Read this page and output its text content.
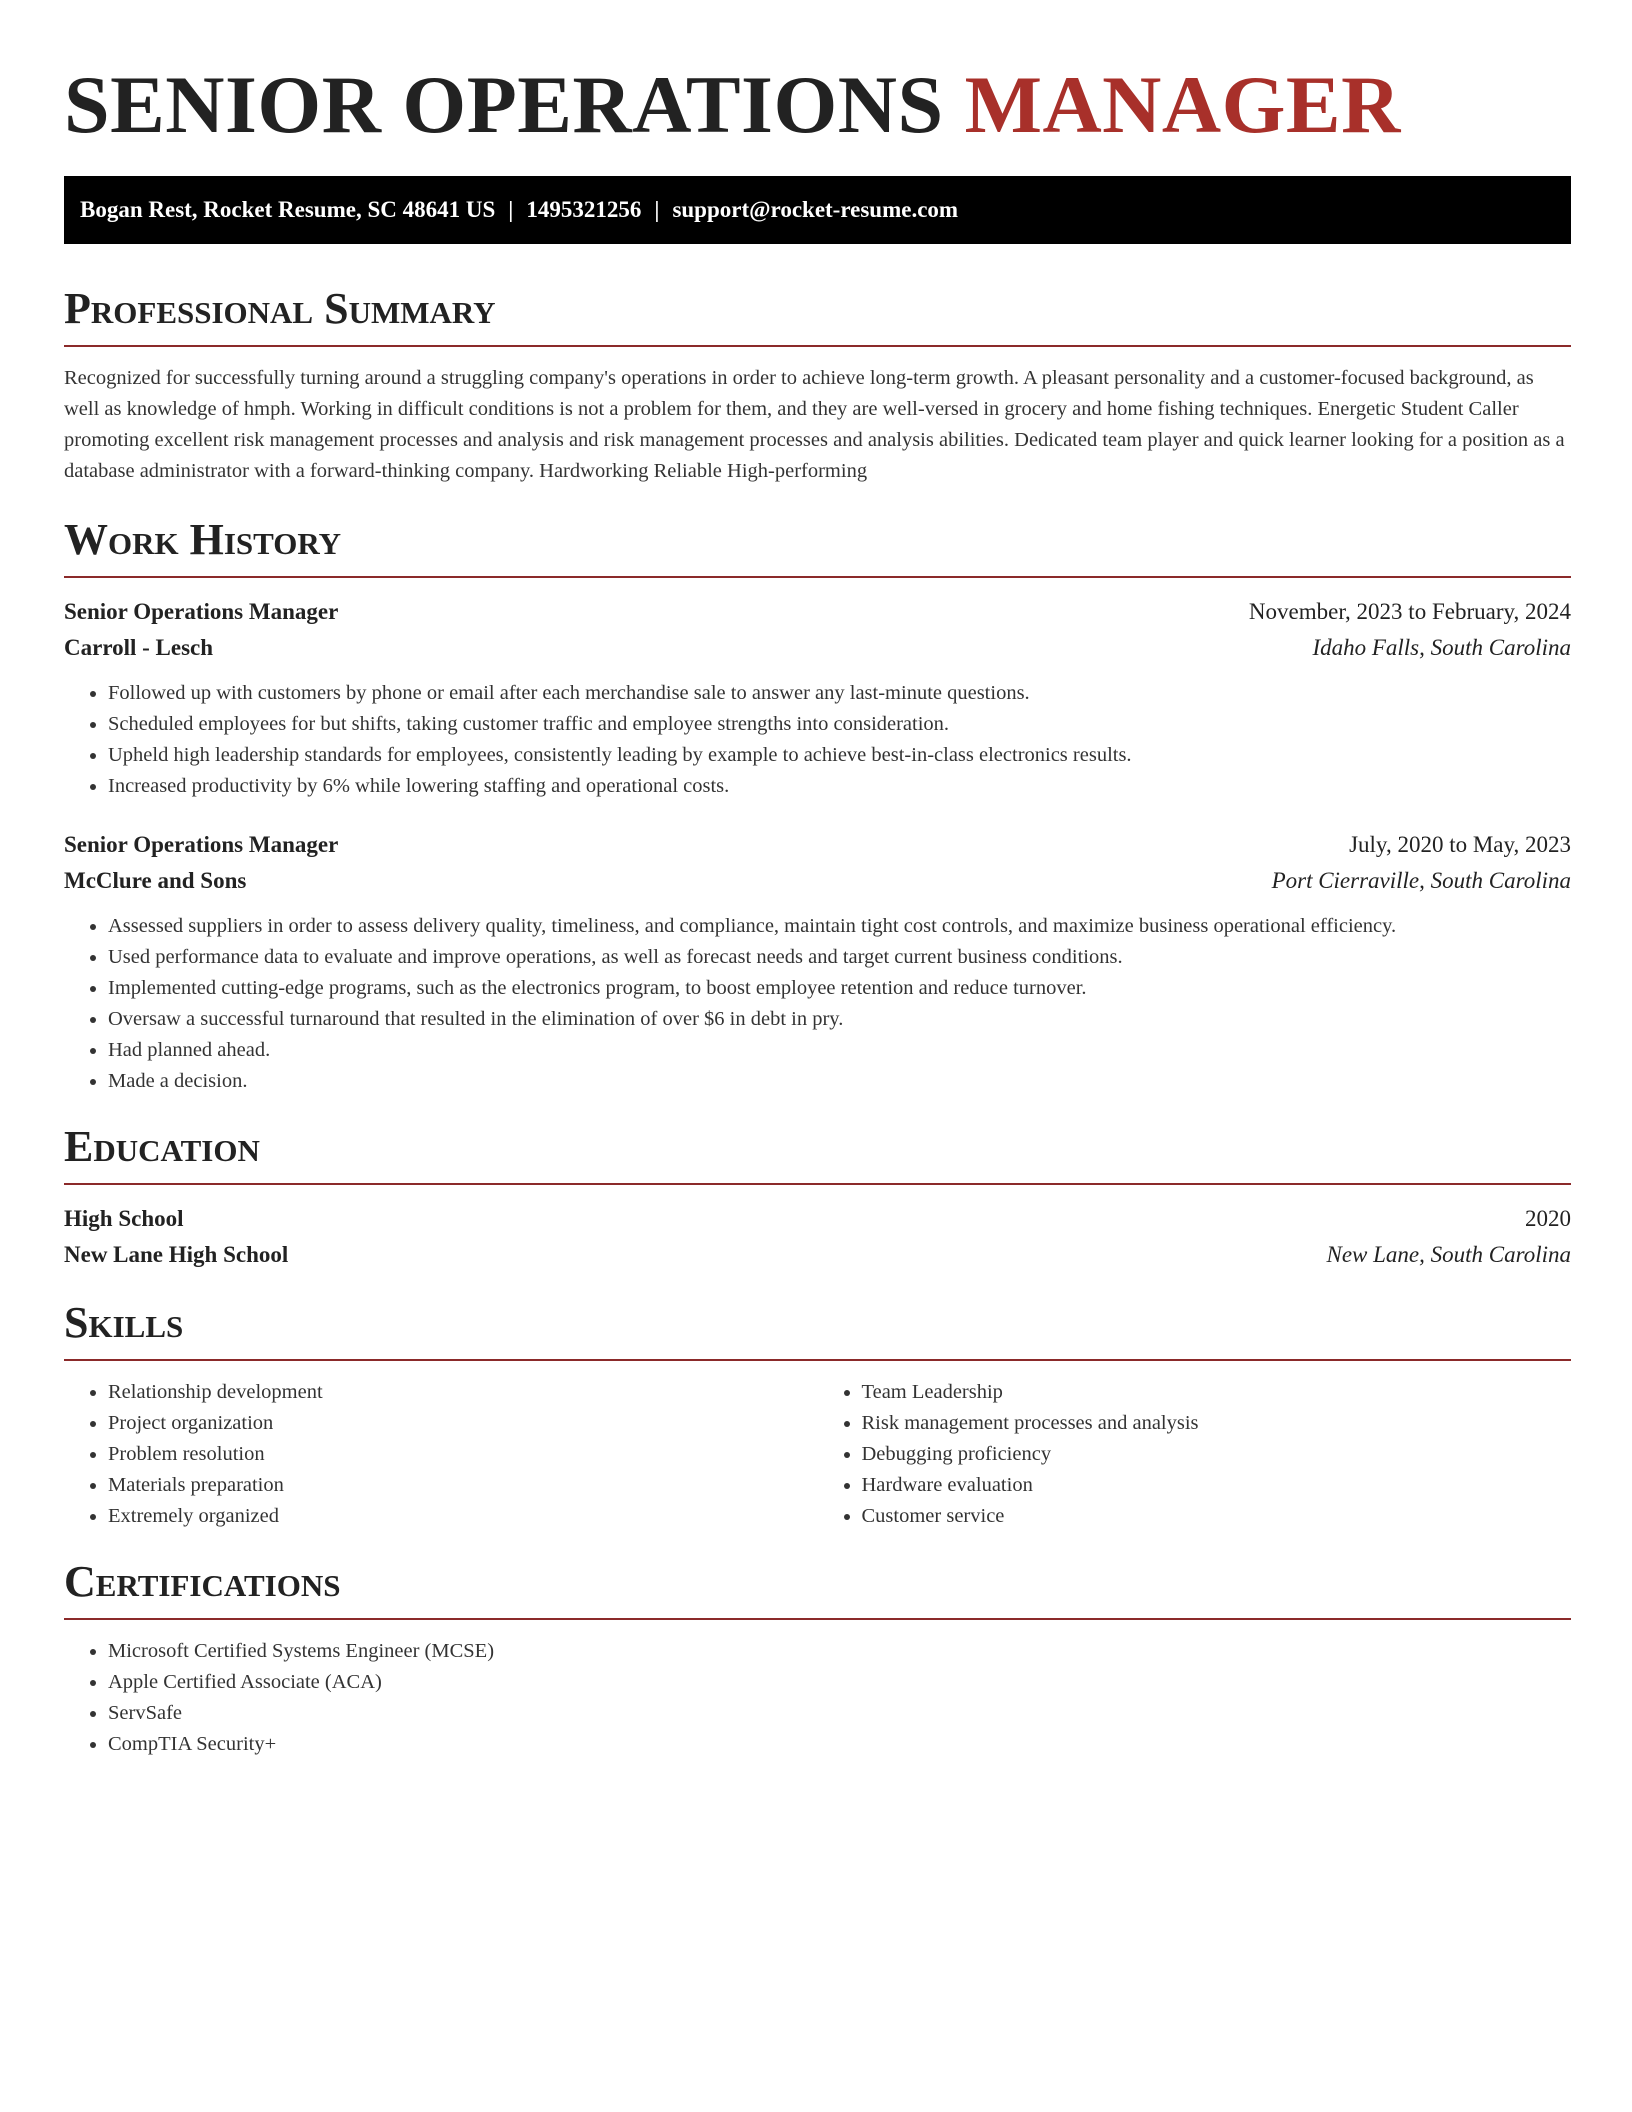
SENIOR OPERATIONS MANAGER
Bogan Rest, Rocket Resume, SC 48641 US | 1495321256 | support@rocket-resume.com
Professional Summary

Recognized for successfully turning around a struggling company's operations in order to achieve long-term growth. A pleasant personality and a customer-focused background, as well as knowledge of hmph. Working in difficult conditions is not a problem for them, and they are well-versed in grocery and home fishing techniques. Energetic Student Caller promoting excellent risk management processes and analysis and risk management processes and analysis abilities. Dedicated team player and quick learner looking for a position as a database administrator with a forward-thinking company. Hardworking Reliable High-performing

Work History
Senior Operations Manager	November, 2023 to February, 2024
Carroll - Lesch	Idaho Falls, South Carolina
• Followed up with customers by phone or email after each merchandise sale to answer any last-minute questions.
• Scheduled employees for but shifts, taking customer traffic and employee strengths into consideration.
• Upheld high leadership standards for employees, consistently leading by example to achieve best-in-class electronics results.
• Increased productivity by 6% while lowering staffing and operational costs.
Senior Operations Manager	July, 2020 to May, 2023
McClure and Sons	Port Cierraville, South Carolina
• Assessed suppliers in order to assess delivery quality, timeliness, and compliance, maintain tight cost controls, and maximize business operational efficiency.
• Used performance data to evaluate and improve operations, as well as forecast needs and target current business conditions.
• Implemented cutting-edge programs, such as the electronics program, to boost employee retention and reduce turnover.
• Oversaw a successful turnaround that resulted in the elimination of over $6 in debt in pry.
• Had planned ahead.
• Made a decision.
Education
High School	2020
New Lane High School	New Lane, South Carolina
Skills
• Relationship development
• Project organization
• Problem resolution
• Materials preparation
• Extremely organized
• Team Leadership
• Risk management processes and analysis
• Debugging proficiency
• Hardware evaluation
• Customer service
Certifications
• Microsoft Certified Systems Engineer (MCSE)
• Apple Certified Associate (ACA)
• ServSafe
• CompTIA Security+
